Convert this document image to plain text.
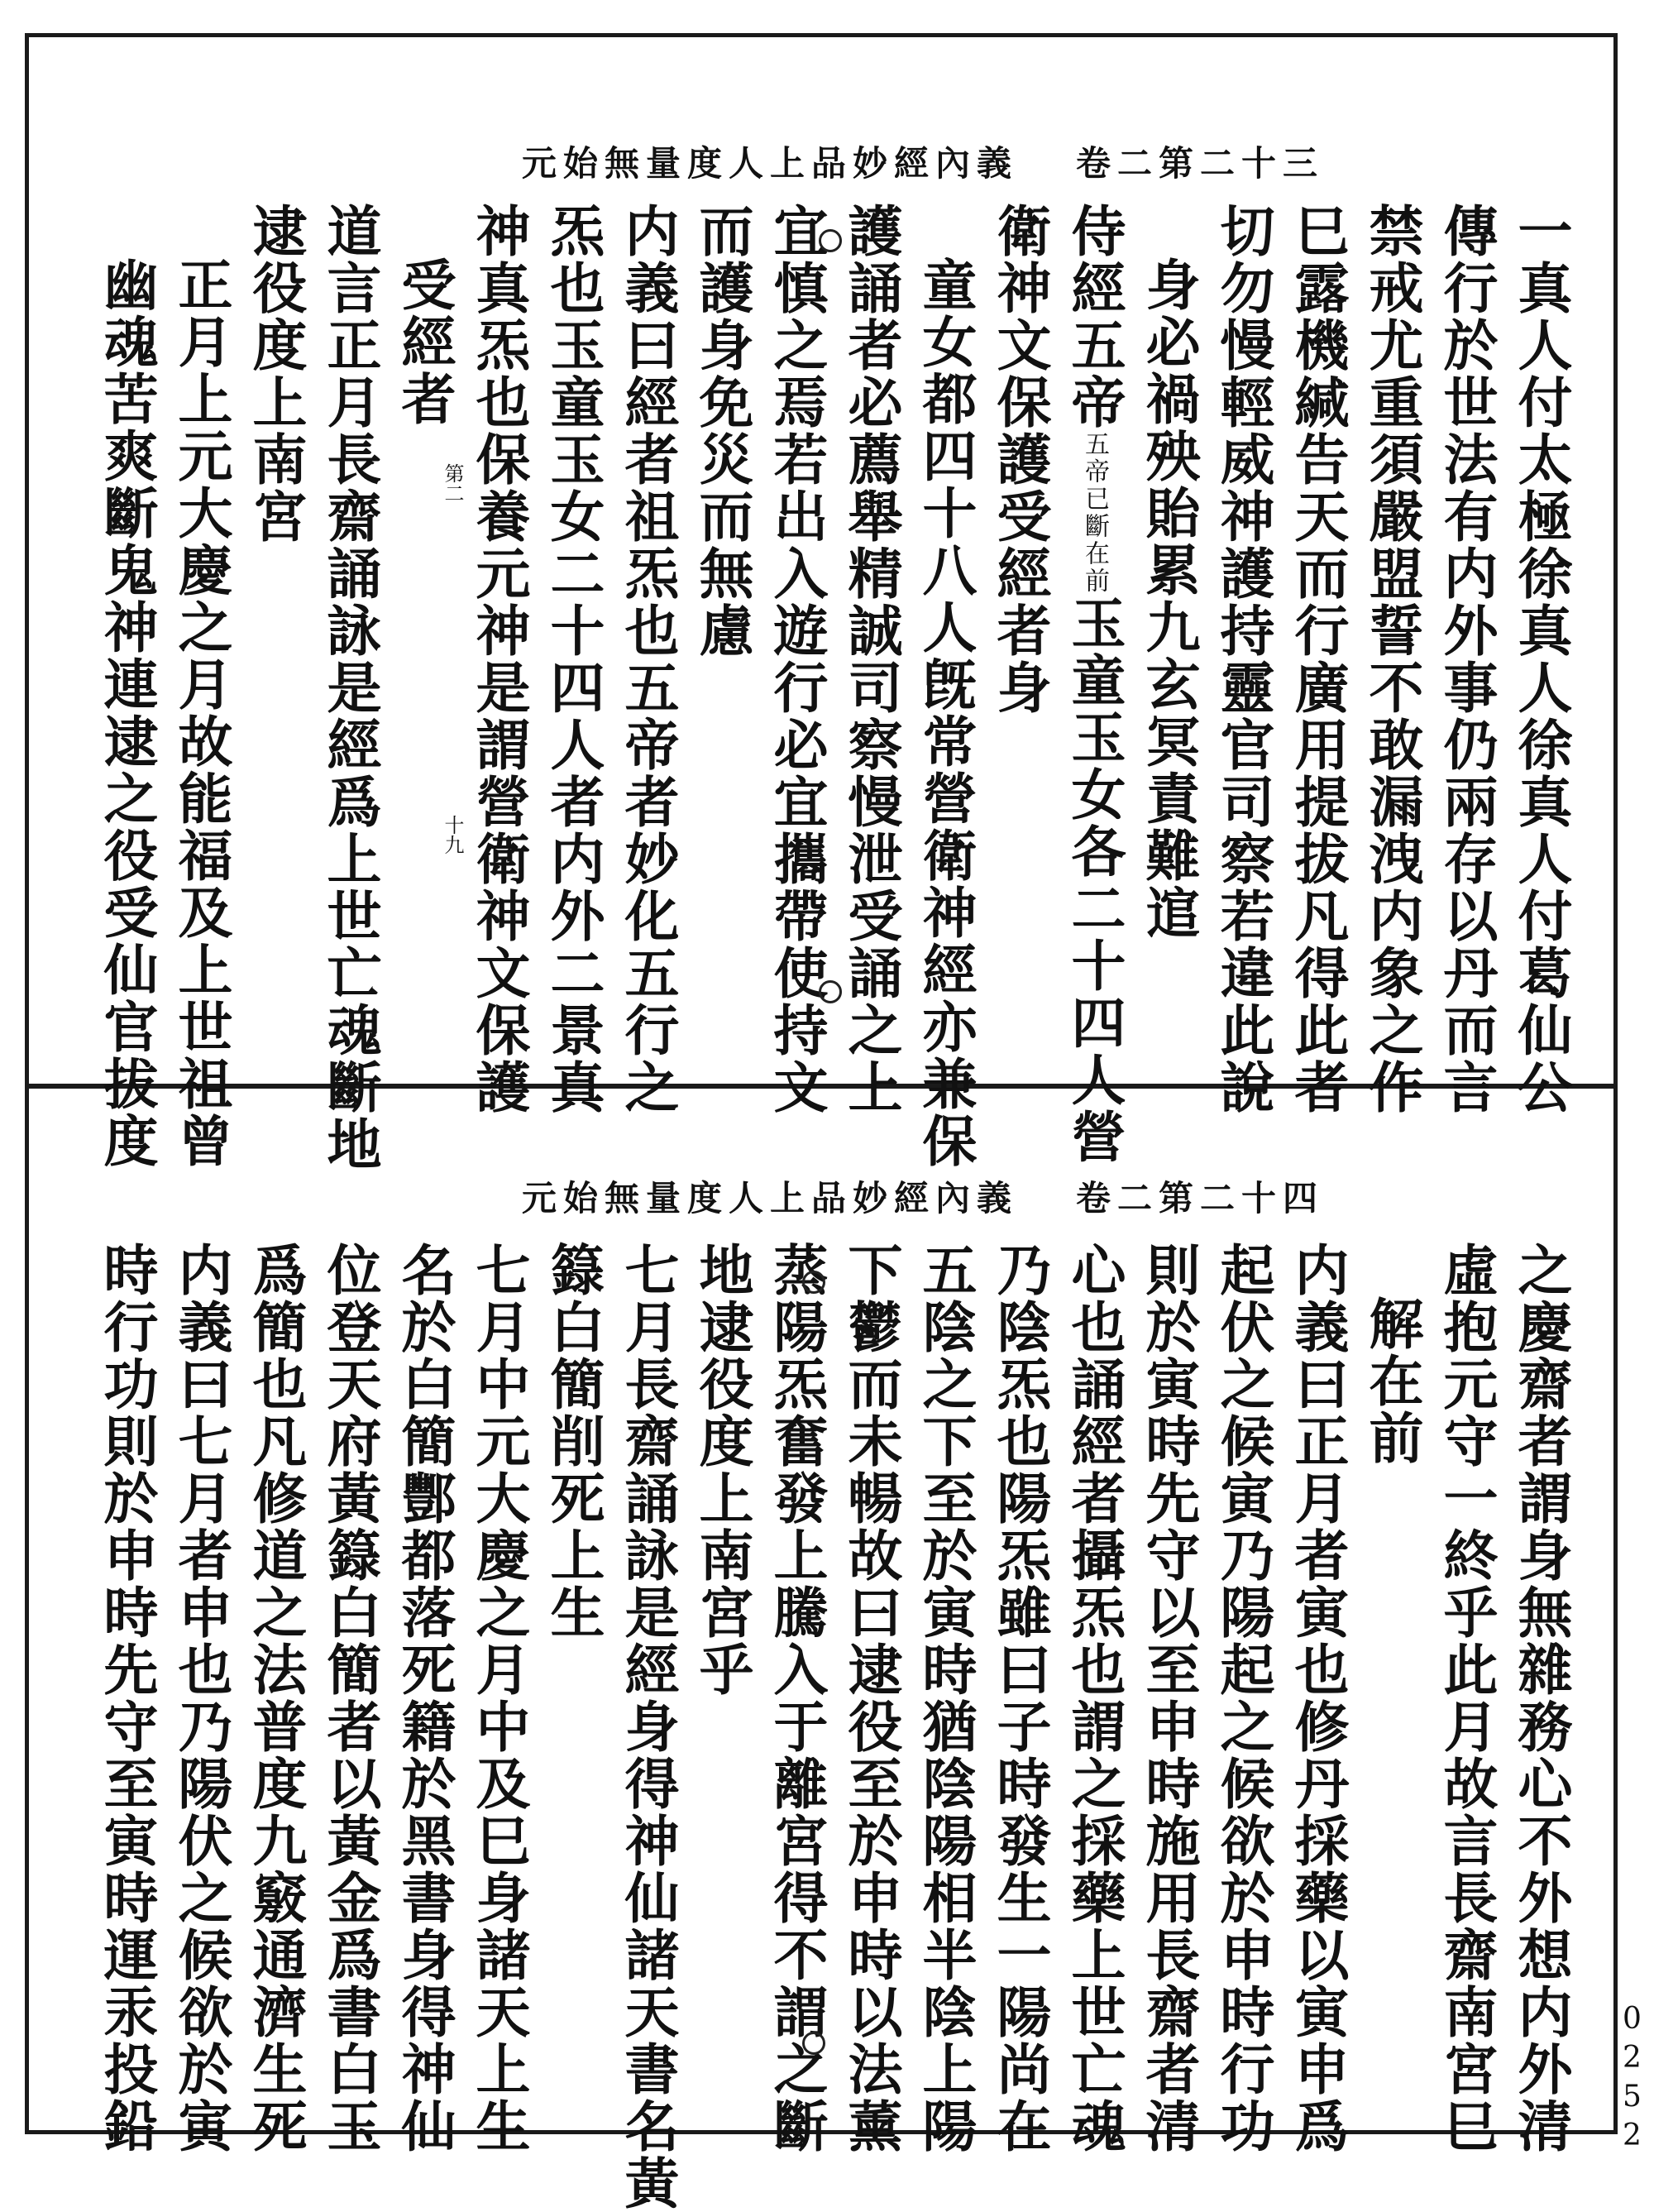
元始無量度人上品妙經內義 卷二第二十三
一真人付太極徐真人徐真人付葛仙公
傳行於世法有内外事仍兩存以丹而言
禁戒尤重須嚴盟誓不敢漏洩内象之作
巳露機緘告天而行廣用提拔凡得此者
切勿慢輕威神護持靈官司察若違此說
身必禍殃貽累九玄冥責難逭
侍經五帝五帝已斷在前玉童玉女各二十四人營
衛神文保護受經者身
童女都四十八人旣常營衛神經亦兼保
護誦者必薦舉精誠司察慢泄受誦之上
宜慎之焉若出入遊行必宜攜帶使持文
而護身免災而無慮
内義曰經者祖炁也五帝者妙化五行之
炁也玉童玉女二十四人者内外二景真
神真炁也保養元神是謂營衛神文保護
受經者
道言正月長齋誦詠是經爲上世亡魂斷地
逮役度上南宮
正月上元大慶之月故能福及上世祖曾
幽魂苦爽斷鬼神連逮之役受仙官拔度	第二
十九
元始無量度人上品妙經內義 卷二第二十四
之慶齋者謂身無雜務心不外想内外清
虛抱元守一終乎此月故言長齋南宮巳
解在前
内義曰正月者寅也修丹採藥以寅申爲
起伏之候寅乃陽起之候欲於申時行功
則於寅時先守以至申時施用長齋者清
心也誦經者攝炁也謂之採藥上世亡魂
乃陰炁也陽炁雖曰子時發生一陽尚在
五陰之下至於寅時猶陰陽相半陰上陽
下鬱而未暢故曰逮役至於申時以法薰
蒸陽炁奮發上騰入于離宮得不謂之斷
地逮役度上南宮乎
七月長齋誦詠是經身得神仙諸天書名黃
籙白簡削死上生
七月中元大慶之月中及巳身諸天上生
名於白簡酆都落死籍於黑書身得神仙
位登天府黃籙白簡者以黃金爲書白玉
爲簡也凡修道之法普度九竅通濟生死
内義曰七月者申也乃陽伏之候欲於寅
時行功則於申時先守至寅時運汞投鉛	0252
